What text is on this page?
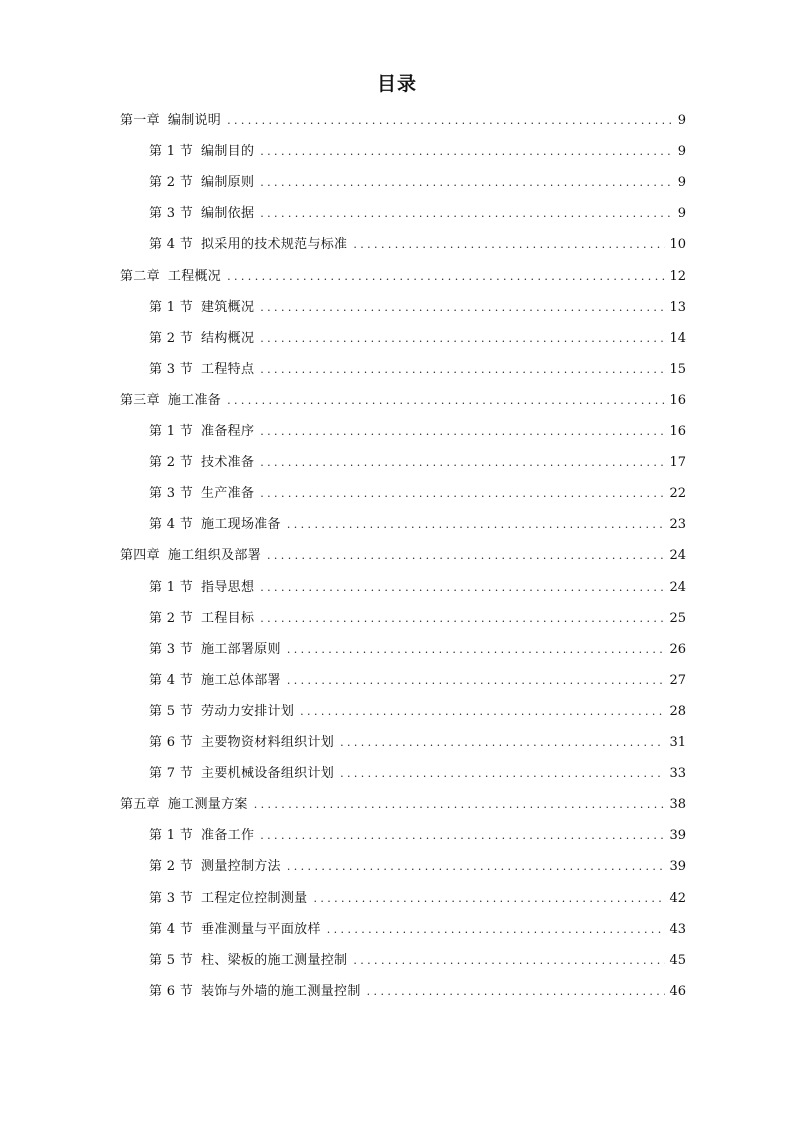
目录
第一章 编制说明 .....	9
第 1 节 编制目的 .....	9
第 2 节 编制原则 .....	9
第 3 节 编制依据 .....	9
第 4 节 拟采用的技术规范与标准 .....	10
第二章 工程概况 .....	12
第 1 节 建筑概况 .....	13
第 2 节 结构概况 .....	14
第 3 节 工程特点 .....	15
第三章 施工准备 .....	16
第 1 节 准备程序 .....	16
第 2 节 技术准备 .....	17
第 3 节 生产准备 .....	22
第 4 节 施工现场准备 .....	23
第四章 施工组织及部署 .....	24
第 1 节 指导思想 .....	24
第 2 节 工程目标 .....	25
第 3 节 施工部署原则 .....	26
第 4 节 施工总体部署 .....	27
第 5 节 劳动力安排计划 .....	28
第 6 节 主要物资材料组织计划 .....	31
第 7 节 主要机械设备组织计划 .....	33
第五章 施工测量方案 .....	38
第 1 节 准备工作 .....	39
第 2 节 测量控制方法 .....	39
第 3 节 工程定位控制测量 .....	42
第 4 节 垂准测量与平面放样 .....	43
第 5 节 柱、梁板的施工测量控制 .....	45
第 6 节 装饰与外墙的施工测量控制 .....	46
